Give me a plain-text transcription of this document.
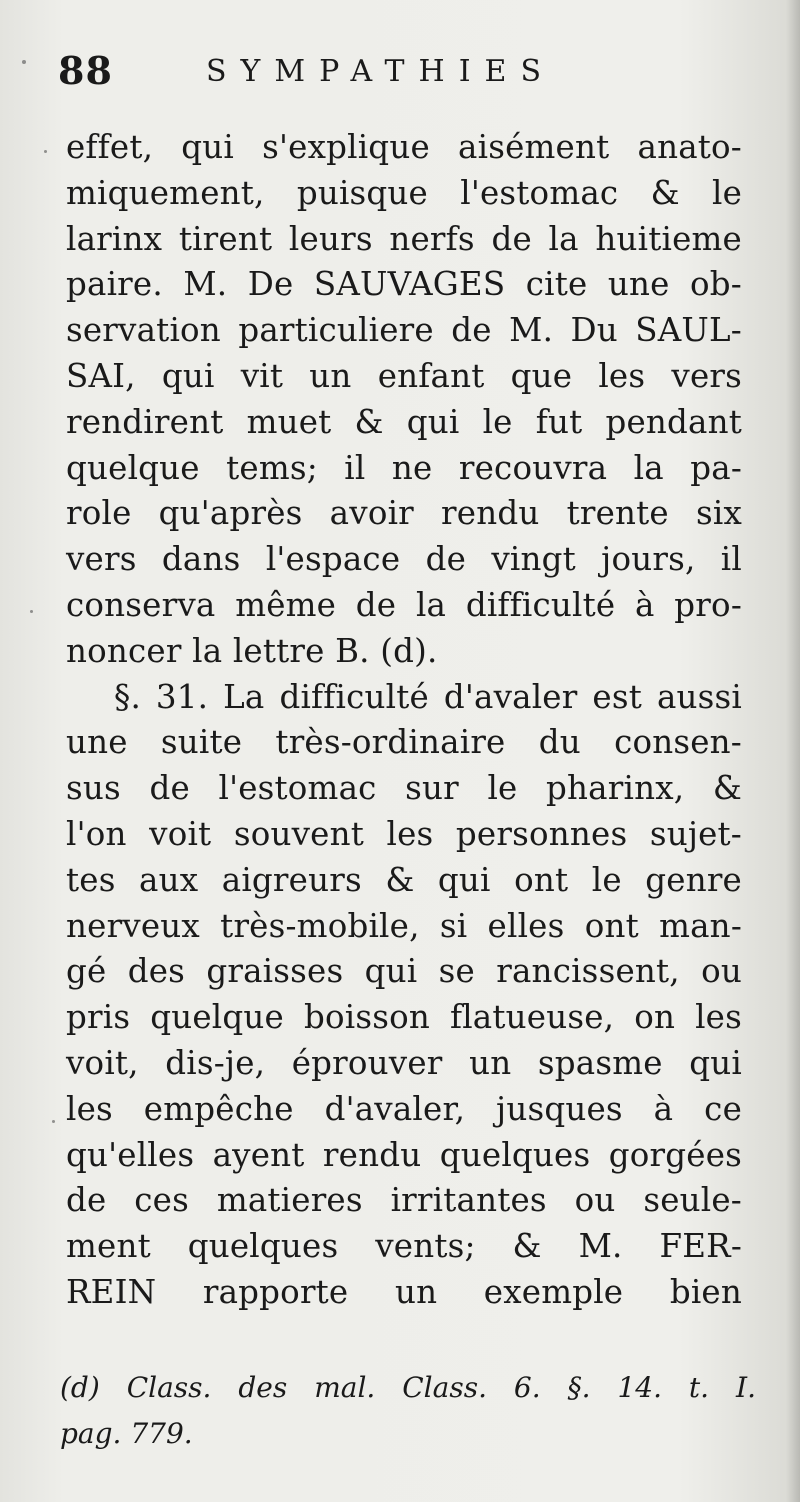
88	SYMPATHIES
effet, qui s'explique aisément anato-
miquement, puisque l'estomac & le
larinx tirent leurs nerfs de la huitieme
paire. M. De SAUVAGES cite une ob-
servation particuliere de M. Du SAUL-
SAI, qui vit un enfant que les vers
rendirent muet & qui le fut pendant
quelque tems; il ne recouvra la pa-
role qu'après avoir rendu trente six
vers dans l'espace de vingt jours, il
conserva même de la difficulté à pro-
noncer la lettre B. (d).
§. 31. La difficulté d'avaler est aussi
une suite très-ordinaire du consen-
sus de l'estomac sur le pharinx, &
l'on voit souvent les personnes sujet-
tes aux aigreurs & qui ont le genre
nerveux très-mobile, si elles ont man-
gé des graisses qui se rancissent, ou
pris quelque boisson flatueuse, on les
voit, dis-je, éprouver un spasme qui
les empêche d'avaler, jusques à ce
qu'elles ayent rendu quelques gorgées
de ces matieres irritantes ou seule-
ment quelques vents; & M. FER-
REIN rapporte un exemple bien
(d) Class. des mal. Class. 6. §. 14. t. I.
pag. 779.
